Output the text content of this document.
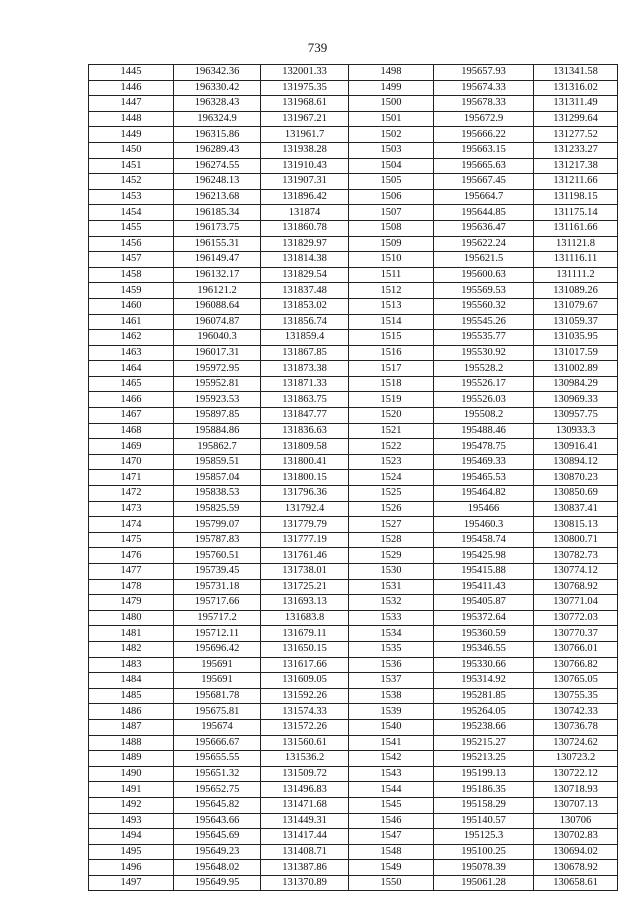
739
1445	196342.36	132001.33	1498	195657.93	131341.58
1446	196330.42	131975.35	1499	195674.33	131316.02
1447	196328.43	131968.61	1500	195678.33	131311.49
1448	196324.9	131967.21	1501	195672.9	131299.64
1449	196315.86	131961.7	1502	195666.22	131277.52
1450	196289.43	131938.28	1503	195663.15	131233.27
1451	196274.55	131910.43	1504	195665.63	131217.38
1452	196248.13	131907.31	1505	195667.45	131211.66
1453	196213.68	131896.42	1506	195664.7	131198.15
1454	196185.34	131874	1507	195644.85	131175.14
1455	196173.75	131860.78	1508	195636.47	131161.66
1456	196155.31	131829.97	1509	195622.24	131121.8
1457	196149.47	131814.38	1510	195621.5	131116.11
1458	196132.17	131829.54	1511	195600.63	131111.2
1459	196121.2	131837.48	1512	195569.53	131089.26
1460	196088.64	131853.02	1513	195560.32	131079.67
1461	196074.87	131856.74	1514	195545.26	131059.37
1462	196040.3	131859.4	1515	195535.77	131035.95
1463	196017.31	131867.85	1516	195530.92	131017.59
1464	195972.95	131873.38	1517	195528.2	131002.89
1465	195952.81	131871.33	1518	195526.17	130984.29
1466	195923.53	131863.75	1519	195526.03	130969.33
1467	195897.85	131847.77	1520	195508.2	130957.75
1468	195884.86	131836.63	1521	195488.46	130933.3
1469	195862.7	131809.58	1522	195478.75	130916.41
1470	195859.51	131800.41	1523	195469.33	130894.12
1471	195857.04	131800.15	1524	195465.53	130870.23
1472	195838.53	131796.36	1525	195464.82	130850.69
1473	195825.59	131792.4	1526	195466	130837.41
1474	195799.07	131779.79	1527	195460.3	130815.13
1475	195787.83	131777.19	1528	195458.74	130800.71
1476	195760.51	131761.46	1529	195425.98	130782.73
1477	195739.45	131738.01	1530	195415.88	130774.12
1478	195731.18	131725.21	1531	195411.43	130768.92
1479	195717.66	131693.13	1532	195405.87	130771.04
1480	195717.2	131683.8	1533	195372.64	130772.03
1481	195712.11	131679.11	1534	195360.59	130770.37
1482	195696.42	131650.15	1535	195346.55	130766.01
1483	195691	131617.66	1536	195330.66	130766.82
1484	195691	131609.05	1537	195314.92	130765.05
1485	195681.78	131592.26	1538	195281.85	130755.35
1486	195675.81	131574.33	1539	195264.05	130742.33
1487	195674	131572.26	1540	195238.66	130736.78
1488	195666.67	131560.61	1541	195215.27	130724.62
1489	195655.55	131536.2	1542	195213.25	130723.2
1490	195651.32	131509.72	1543	195199.13	130722.12
1491	195652.75	131496.83	1544	195186.35	130718.93
1492	195645.82	131471.68	1545	195158.29	130707.13
1493	195643.66	131449.31	1546	195140.57	130706
1494	195645.69	131417.44	1547	195125.3	130702.83
1495	195649.23	131408.71	1548	195100.25	130694.02
1496	195648.02	131387.86	1549	195078.39	130678.92
1497	195649.95	131370.89	1550	195061.28	130658.61
